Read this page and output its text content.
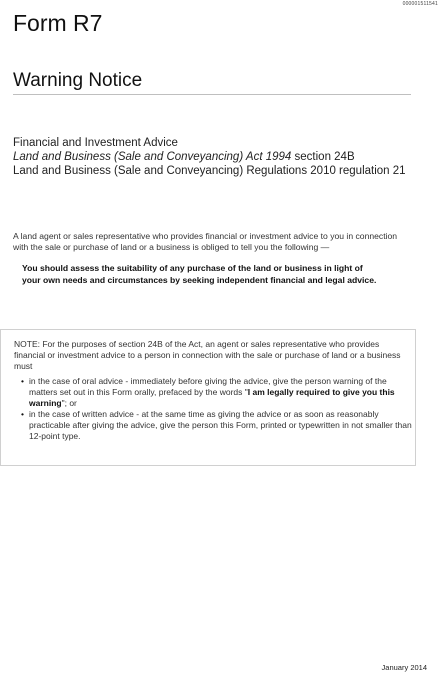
000001511541
Form R7
Warning Notice
Financial and Investment Advice
Land and Business (Sale and Conveyancing) Act 1994 section 24B
Land and Business (Sale and Conveyancing) Regulations 2010 regulation 21
A land agent or sales representative who provides financial or investment advice to you in connection with the sale or purchase of land or a business is obliged to tell you the following —
You should assess the suitability of any purchase of the land or business in light of your own needs and circumstances by seeking independent financial and legal advice.
NOTE: For the purposes of section 24B of the Act, an agent or sales representative who provides financial or investment advice to a person in connection with the sale or purchase of land or a business must
• in the case of oral advice - immediately before giving the advice, give the person warning of the matters set out in this Form orally, prefaced by the words "I am legally required to give you this warning"; or
• in the case of written advice - at the same time as giving the advice or as soon as reasonably practicable after giving the advice, give the person this Form, printed or typewritten in not smaller than 12-point type.
January 2014
